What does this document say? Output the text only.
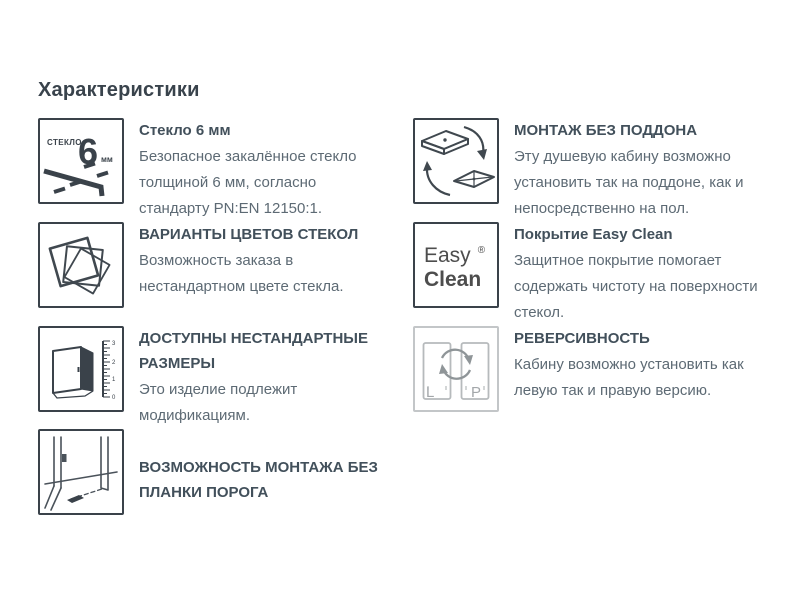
Характеристики
СТЕКЛО
6 мм
Стекло 6 мм
Безопасное закалённое стекло толщиной 6 мм, согласно стандарту PN:EN 12150:1.
МОНТАЖ БЕЗ ПОДДОНА
Эту душевую кабину возможно установить так на поддоне, как и непосредственно на пол.
ВАРИАНТЫ ЦВЕТОВ СТЕКОЛ
Возможность заказа в нестандартном цвете стекла.
Easy ®
Clean
Покрытие Easy Clean
Защитное покрытие помогает содержать чистоту на поверхности стекол.
3
2
1
0
ДОСТУПНЫ НЕСТАНДАРТНЫЕ РАЗМЕРЫ
Это изделие подлежит модификациям.
L P
РЕВЕРСИВНОСТЬ
Кабину возможно установить как левую так и правую версию.
ВОЗМОЖНОСТЬ МОНТАЖА БЕЗ ПЛАНКИ ПОРОГА
